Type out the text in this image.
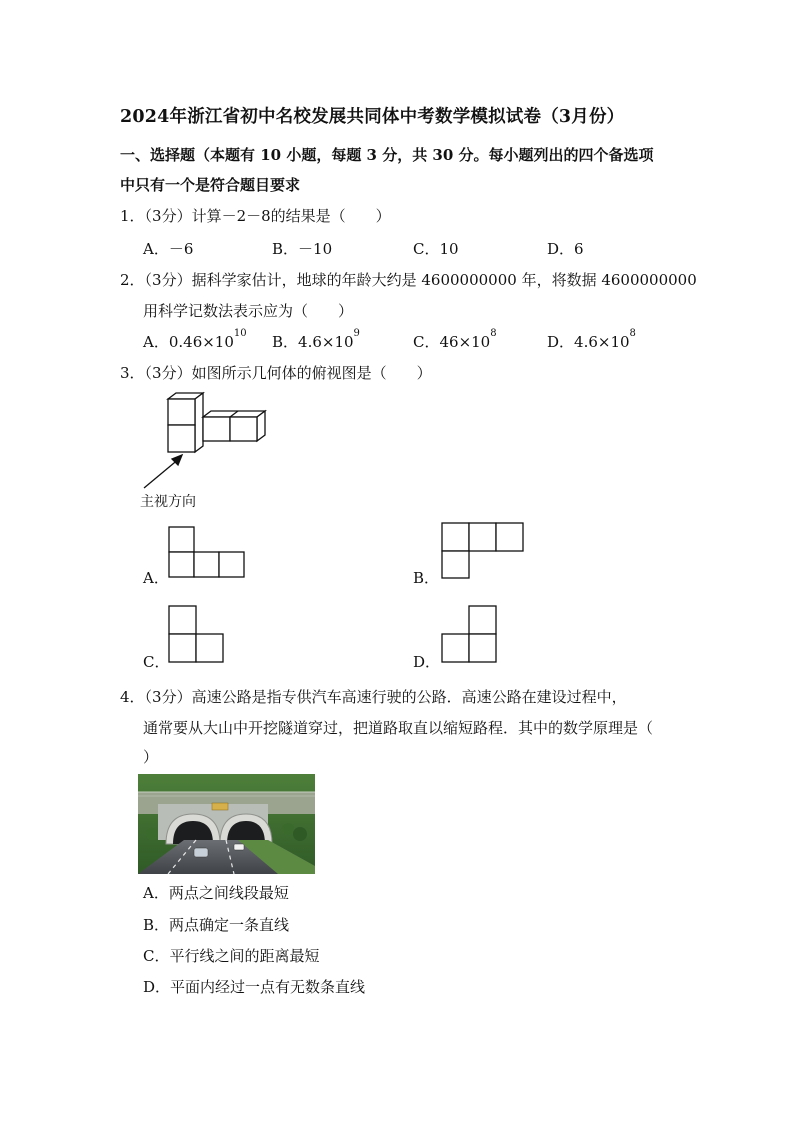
2024年浙江省初中名校发展共同体中考数学模拟试卷（3月份）
一、选择题（本题有 10 小题，每题 3 分，共 30 分。每小题列出的四个备选项
中只有一个是符合题目要求
1．（3分）计算－2－8的结果是（　　）
A．－6	B．－10	C．10	D．6
2．（3分）据科学家估计，地球的年龄大约是 4600000000 年，将数据 4600000000
用科学记数法表示应为（　　）
A．$0.46\times 10^{10}$ B．$4.6\times 10^9$	C．$46\times 10^8$	D．$4.6\times 10^8$
3．（3分）如图所示几何体的俯视图是（　　）
主视方向
A．	B．
C．	D．
4．（3分）高速公路是指专供汽车高速行驶的公路．高速公路在建设过程中，
通常要从大山中开挖隧道穿过，把道路取直以缩短路程．其中的数学原理是（
）
A．两点之间线段最短
B．两点确定一条直线
C．平行线之间的距离最短
D．平面内经过一点有无数条直线
